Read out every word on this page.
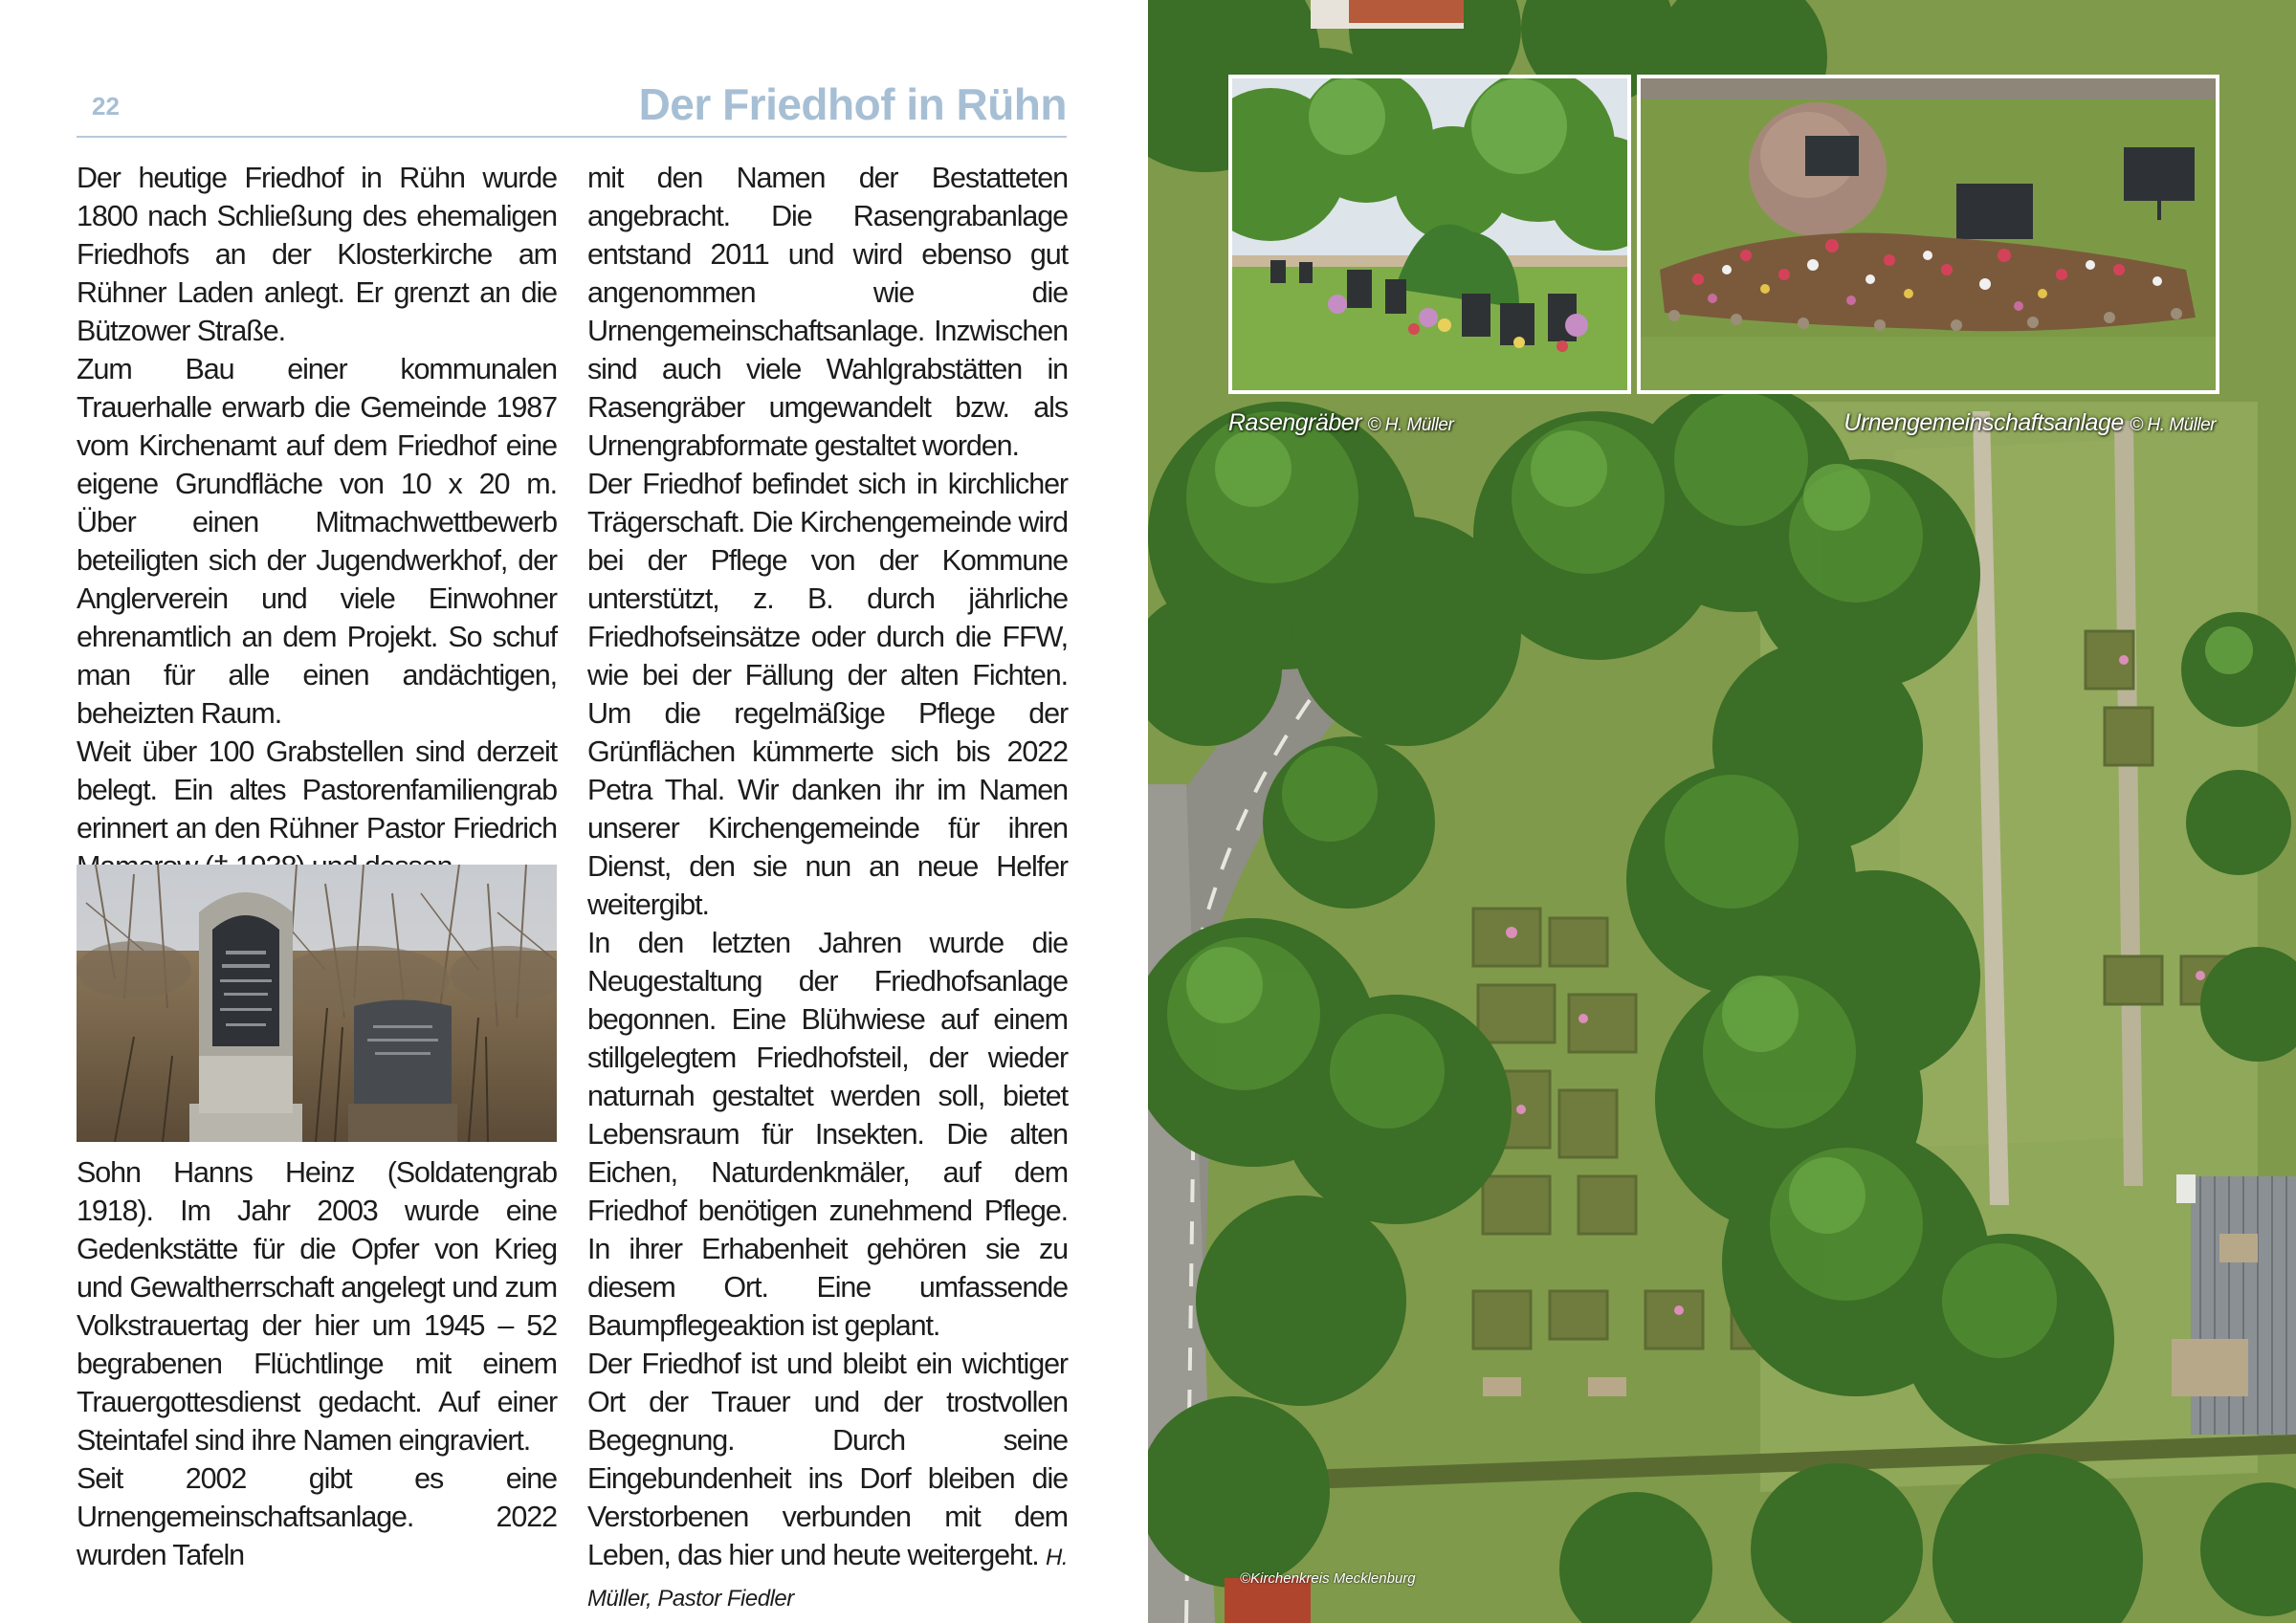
22	Der Friedhof in Rühn

Der heutige Friedhof in Rühn wurde 1800 nach Schließung des ehemaligen Friedhofs an der Klosterkirche am Rühner Laden anlegt. Er grenzt an die Bützower Straße.

Zum Bau einer kommunalen Trauerhalle erwarb die Gemeinde 1987 vom Kirchenamt auf dem Friedhof eine eigene Grundfläche von 10 x 20 m. Über einen Mitmachwettbewerb beteiligten sich der Jugendwerkhof, der Anglerverein und viele Einwohner ehrenamtlich an dem Projekt. So schuf man für alle einen andächtigen, beheizten Raum.

Weit über 100 Grabstellen sind derzeit belegt. Ein altes Pastorenfamiliengrab erinnert an den Rühner Pastor Friedrich

Sohn Hanns Heinz (Soldatengrab 1918). Im Jahr 2003 wurde eine Gedenkstätte für die Opfer von Krieg und Gewaltherrschaft angelegt und zum Volkstrauertag der hier um 1945 – 52 begrabenen Flüchtlinge mit einem Trauergottesdienst gedacht. Auf einer Steintafel sind ihre Namen eingraviert.

Seit 2002 gibt es eine Urnengemeinschaftsanlage. 2022 wurden Tafeln

mit den Namen der Bestatteten angebracht. Die Rasengrabanlage entstand 2011 und wird ebenso gut angenommen wie die Urnengemeinschaftsanlage. Inzwischen sind auch viele Wahlgrabstätten in Rasengräber umgewandelt bzw. als Urnengrabformate gestaltet worden.

Der Friedhof befindet sich in kirchlicher Trägerschaft. Die Kirchengemeinde wird bei der Pflege von der Kommune unterstützt, z. B. durch jährliche Friedhofseinsätze oder durch die FFW, wie bei der Fällung der alten Fichten. Um die regelmäßige Pflege der Grünflächen kümmerte sich bis 2022 Petra Thal. Wir danken ihr im Namen unserer Kirchengemeinde für ihren Dienst, den sie nun an neue Helfer weitergibt.

In den letzten Jahren wurde die Neugestaltung der Friedhofsanlage begonnen. Eine Blühwiese auf einem stillgelegtem Friedhofsteil, der wieder naturnah gestaltet werden soll, bietet Lebensraum für Insekten. Die alten Eichen, Naturdenkmäler, auf dem Friedhof benötigen zunehmend Pflege. In ihrer Erhabenheit gehören sie zu diesem Ort. Eine umfassende Baumpflegeaktion ist geplant.

Der Friedhof ist und bleibt ein wichtiger Ort der Trauer und der trostvollen Begegnung. Durch seine Eingebundenheit ins Dorf bleiben die Verstorbenen verbunden mit dem Leben, das hier und heute weitergeht. H. Müller, Pastor Fiedler

Rasengräber © H. Müller	Urnengemeinschaftsanlage © H. Müller
©Kirchenkreis Mecklenburg
